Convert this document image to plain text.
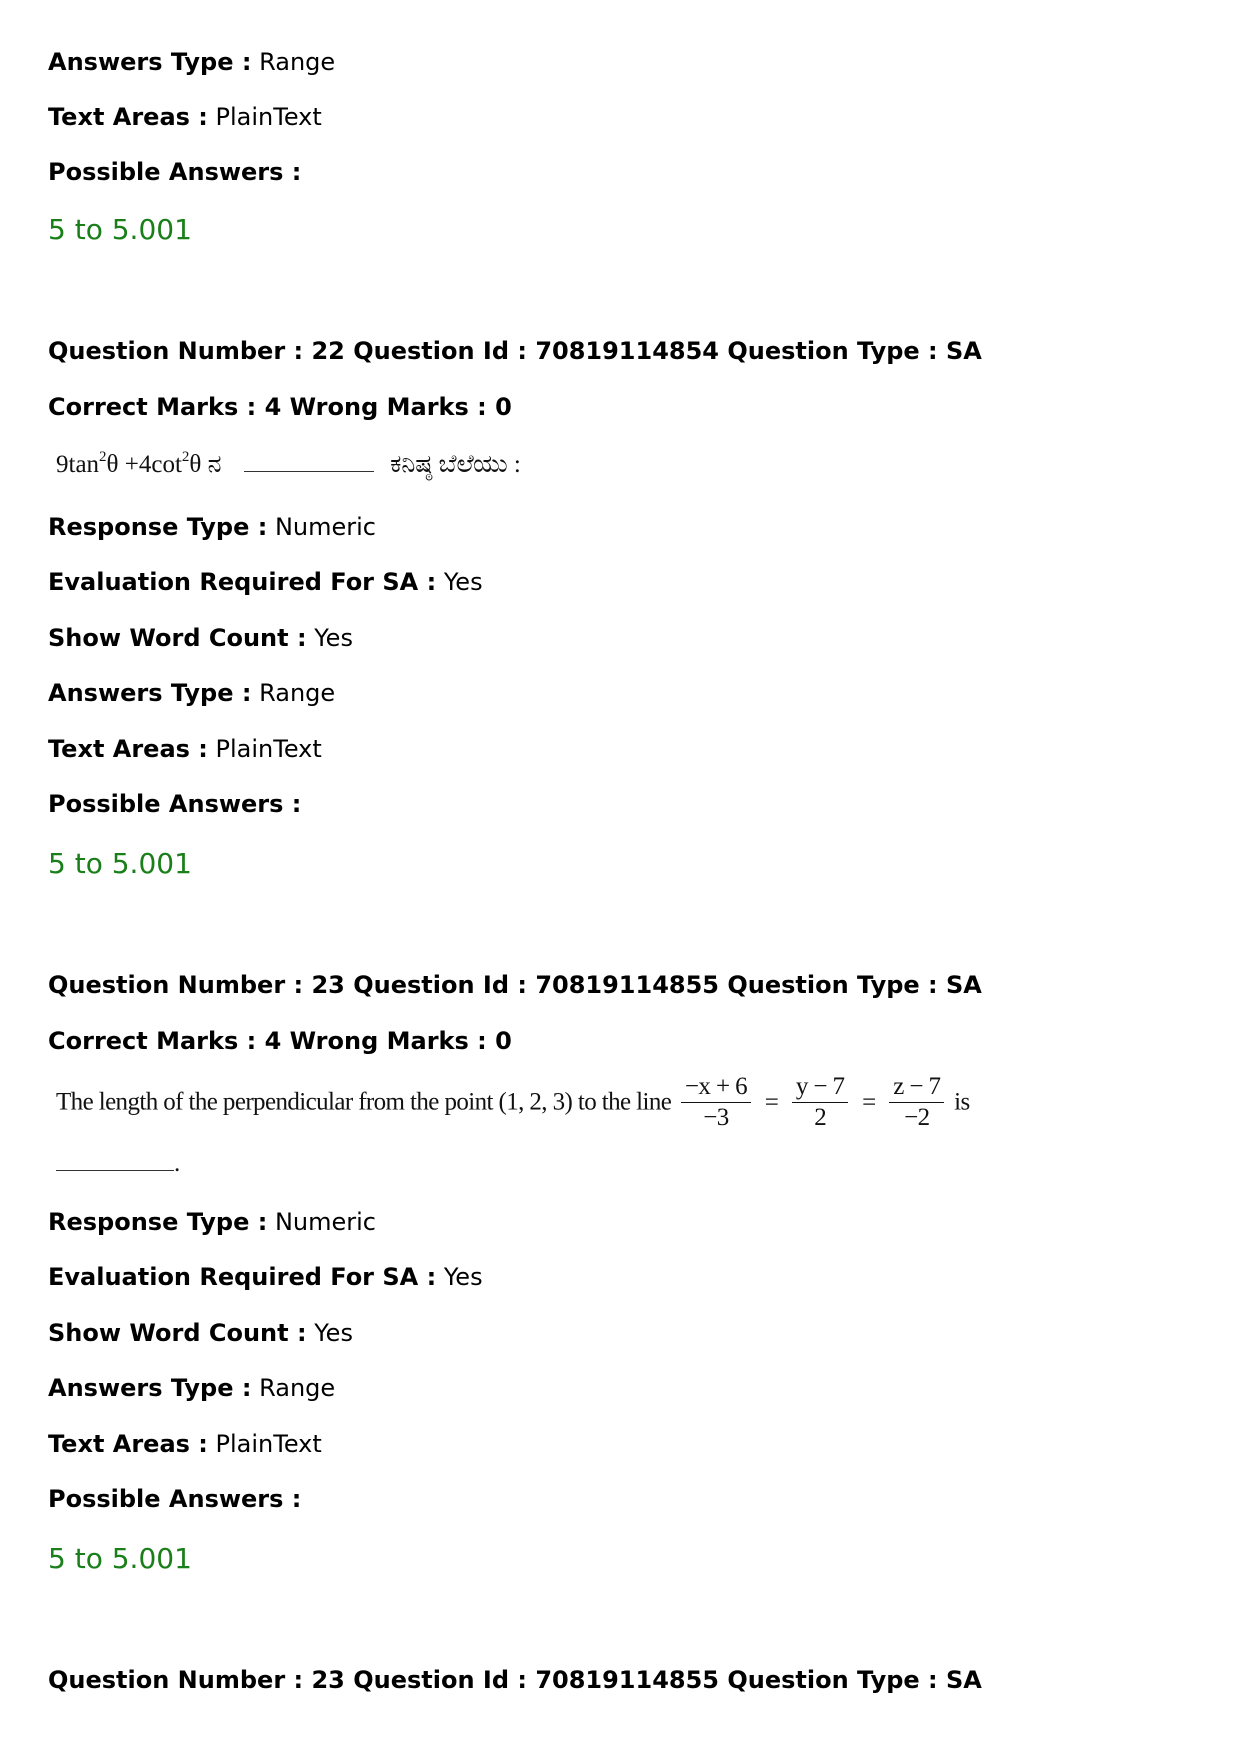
Answers Type : Range
Text Areas : PlainText
Possible Answers :
5 to 5.001
Question Number : 22 Question Id : 70819114854 Question Type : SA
Correct Marks : 4 Wrong Marks : 0
$9\tan^2\theta +4\cot^2\theta$ ನ	ಕನಿಷ್ಠ ಬೆಲೆಯು :
Response Type : Numeric
Evaluation Required For SA : Yes
Show Word Count : Yes
Answers Type : Range
Text Areas : PlainText
Possible Answers :
5 to 5.001
Question Number : 23 Question Id : 70819114855 Question Type : SA
Correct Marks : 4 Wrong Marks : 0
The length of the perpendicular from the point (1, 2, 3) to the line $\frac{-x + 6}{-3} = \frac{y - 7}{2} = \frac{z - 7}{-2}$ is
.
Response Type : Numeric
Evaluation Required For SA : Yes
Show Word Count : Yes
Answers Type : Range
Text Areas : PlainText
Possible Answers :
5 to 5.001
Question Number : 23 Question Id : 70819114855 Question Type : SA
